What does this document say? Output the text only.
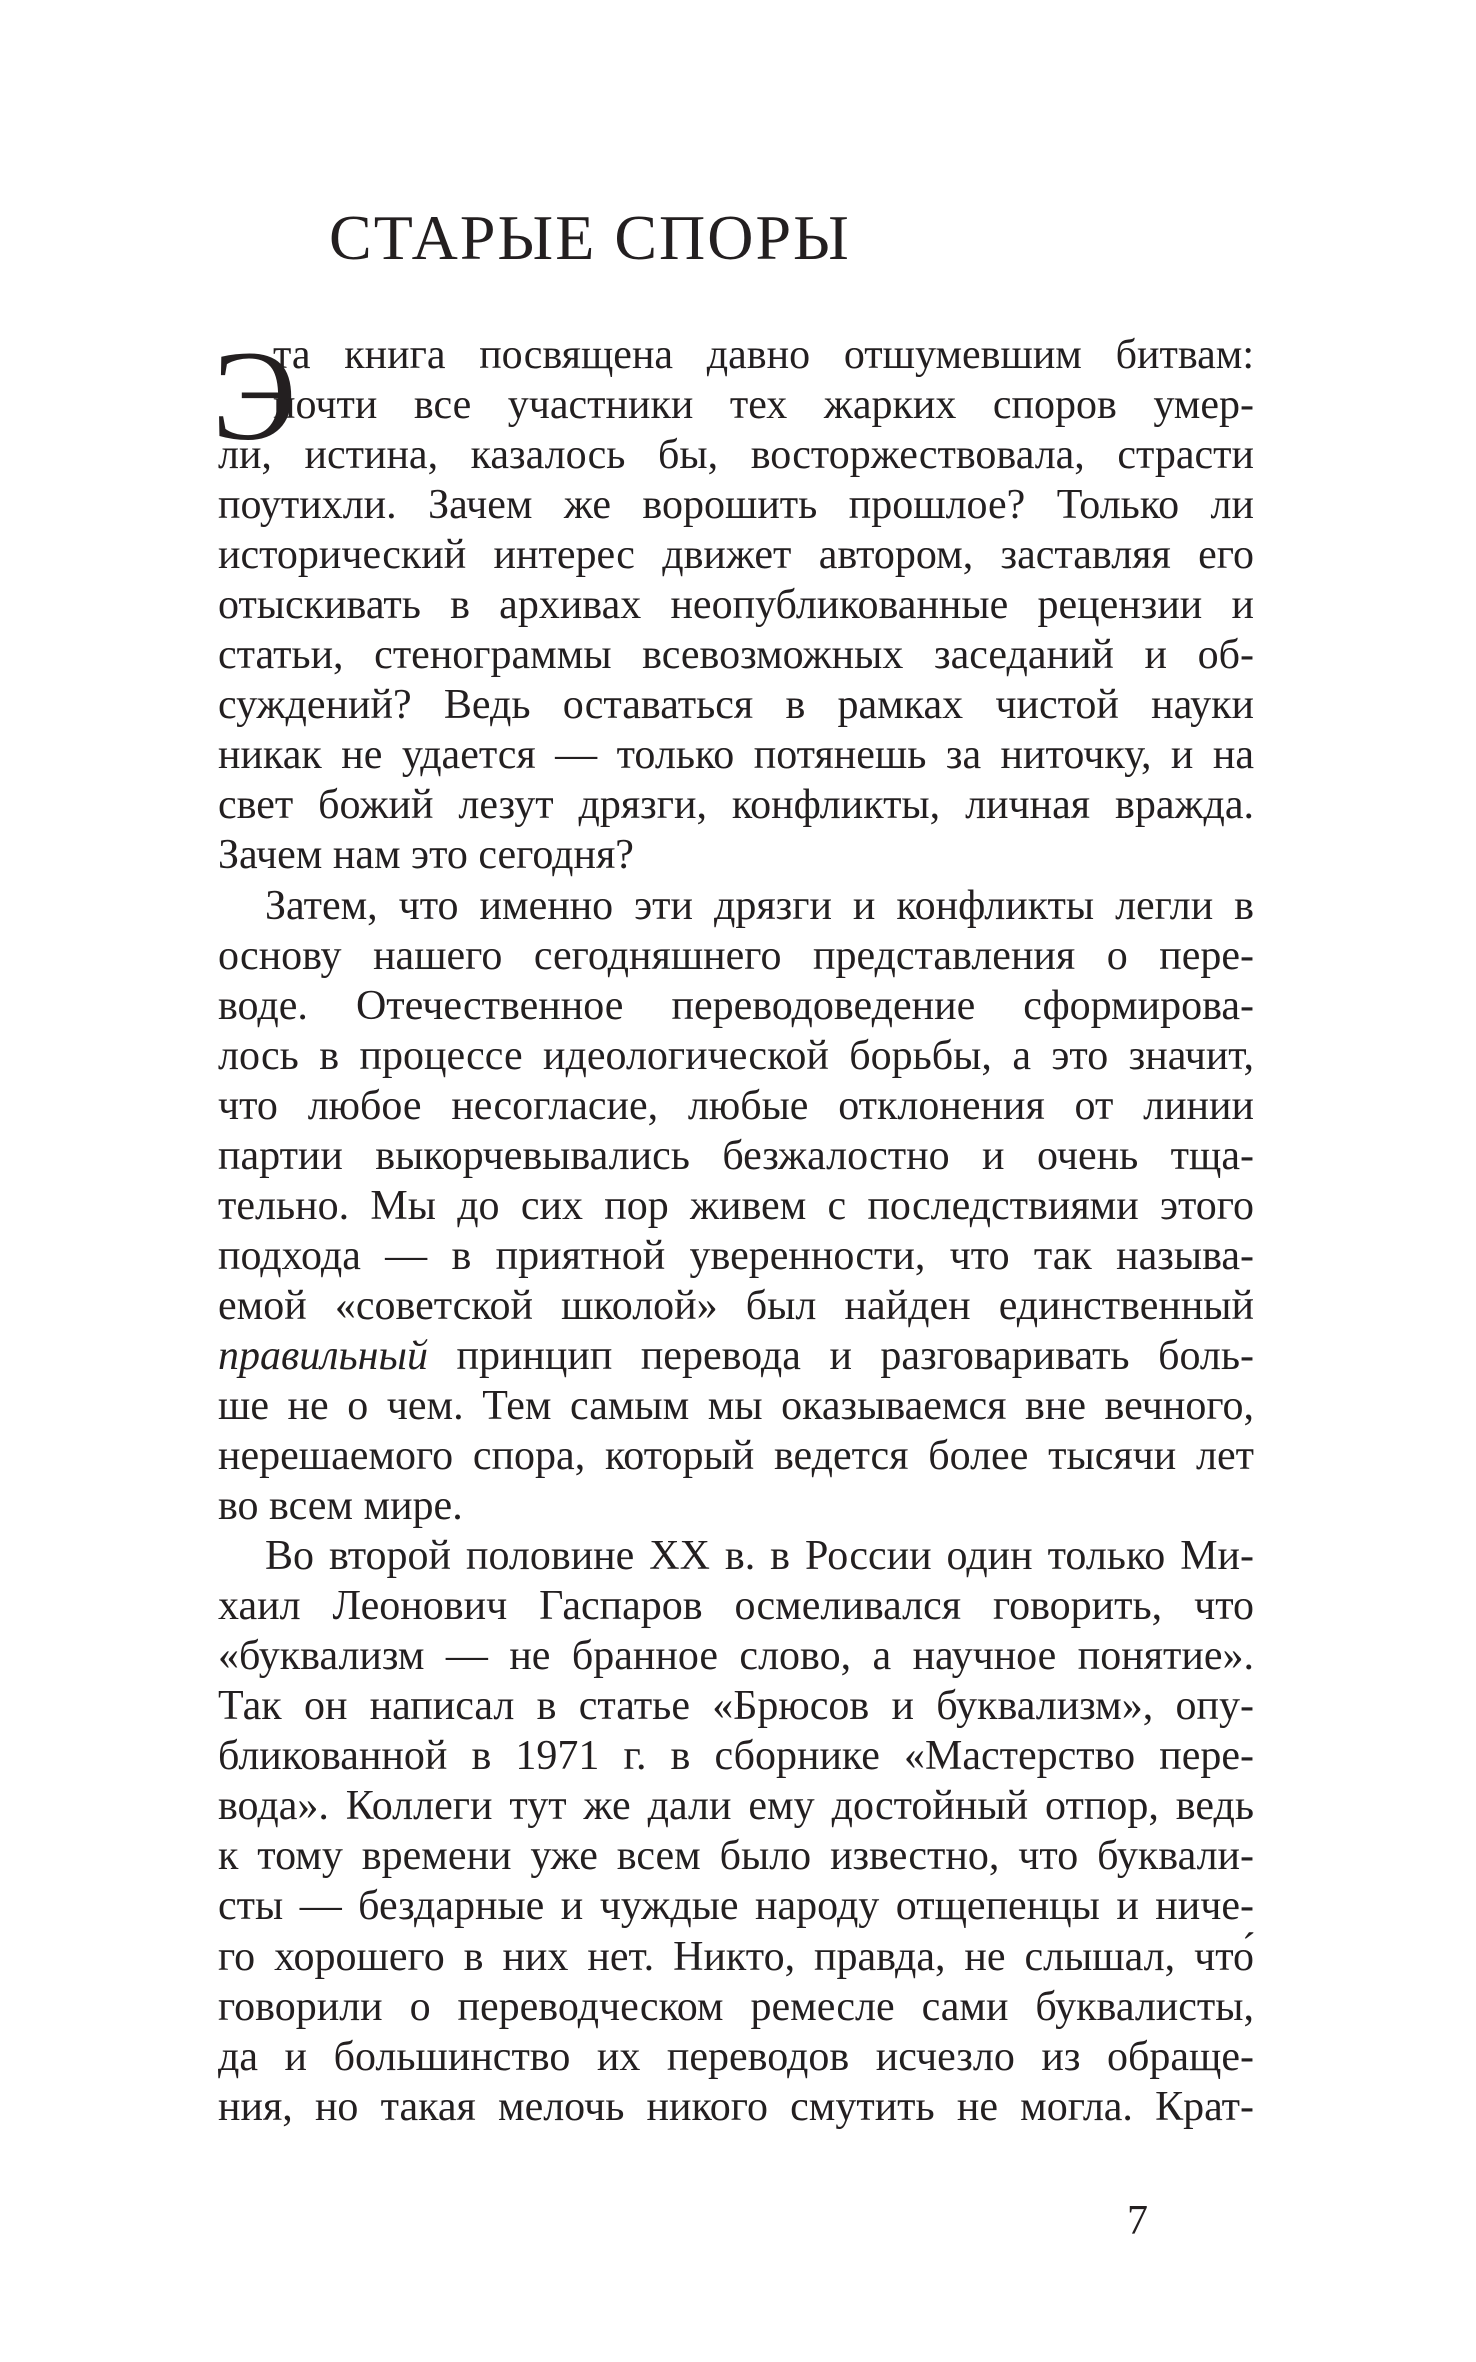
СТАРЫЕ СПОРЫ
Э
та книга посвящена давно отшумевшим битвам:
почти все участники тех жарких споров умер-
ли, истина, казалось бы, восторжествовала, страсти
поутихли. Зачем же ворошить прошлое? Только ли
исторический интерес движет автором, заставляя его
отыскивать в архивах неопубликованные рецензии и
статьи, стенограммы всевозможных заседаний и об-
суждений? Ведь оставаться в рамках чистой науки
никак не удается — только потянешь за ниточку, и на
свет божий лезут дрязги, конфликты, личная вражда.
Зачем нам это сегодня?
Затем, что именно эти дрязги и конфликты легли в
основу нашего сегодняшнего представления о пере-
воде. Отечественное переводоведение сформирова-
лось в процессе идеологической борьбы, а это значит,
что любое несогласие, любые отклонения от линии
партии выкорчевывались безжалостно и очень тща-
тельно. Мы до сих пор живем с последствиями этого
подхода — в приятной уверенности, что так называ-
емой «советской школой» был найден единственный
правильный принцип перевода и разговаривать боль-
ше не о чем. Тем самым мы оказываемся вне вечного,
нерешаемого спора, который ведется более тысячи лет
во всем мире.
Во второй половине XX в. в России один только Ми-
хаил Леонович Гаспаров осмеливался говорить, что
«буквализм — не бранное слово, а научное понятие».
Так он написал в статье «Брюсов и буквализм», опу-
бликованной в 1971 г. в сборнике «Мастерство пере-
вода». Коллеги тут же дали ему достойный отпор, ведь
к тому времени уже всем было известно, что буквали-
сты — бездарные и чуждые народу отщепенцы и ниче-
го хорошего в них нет. Никто, правда, не слышал, что́
говорили о переводческом ремесле сами буквалисты,
да и большинство их переводов исчезло из обраще-
ния, но такая мелочь никого смутить не могла. Крат-
7
